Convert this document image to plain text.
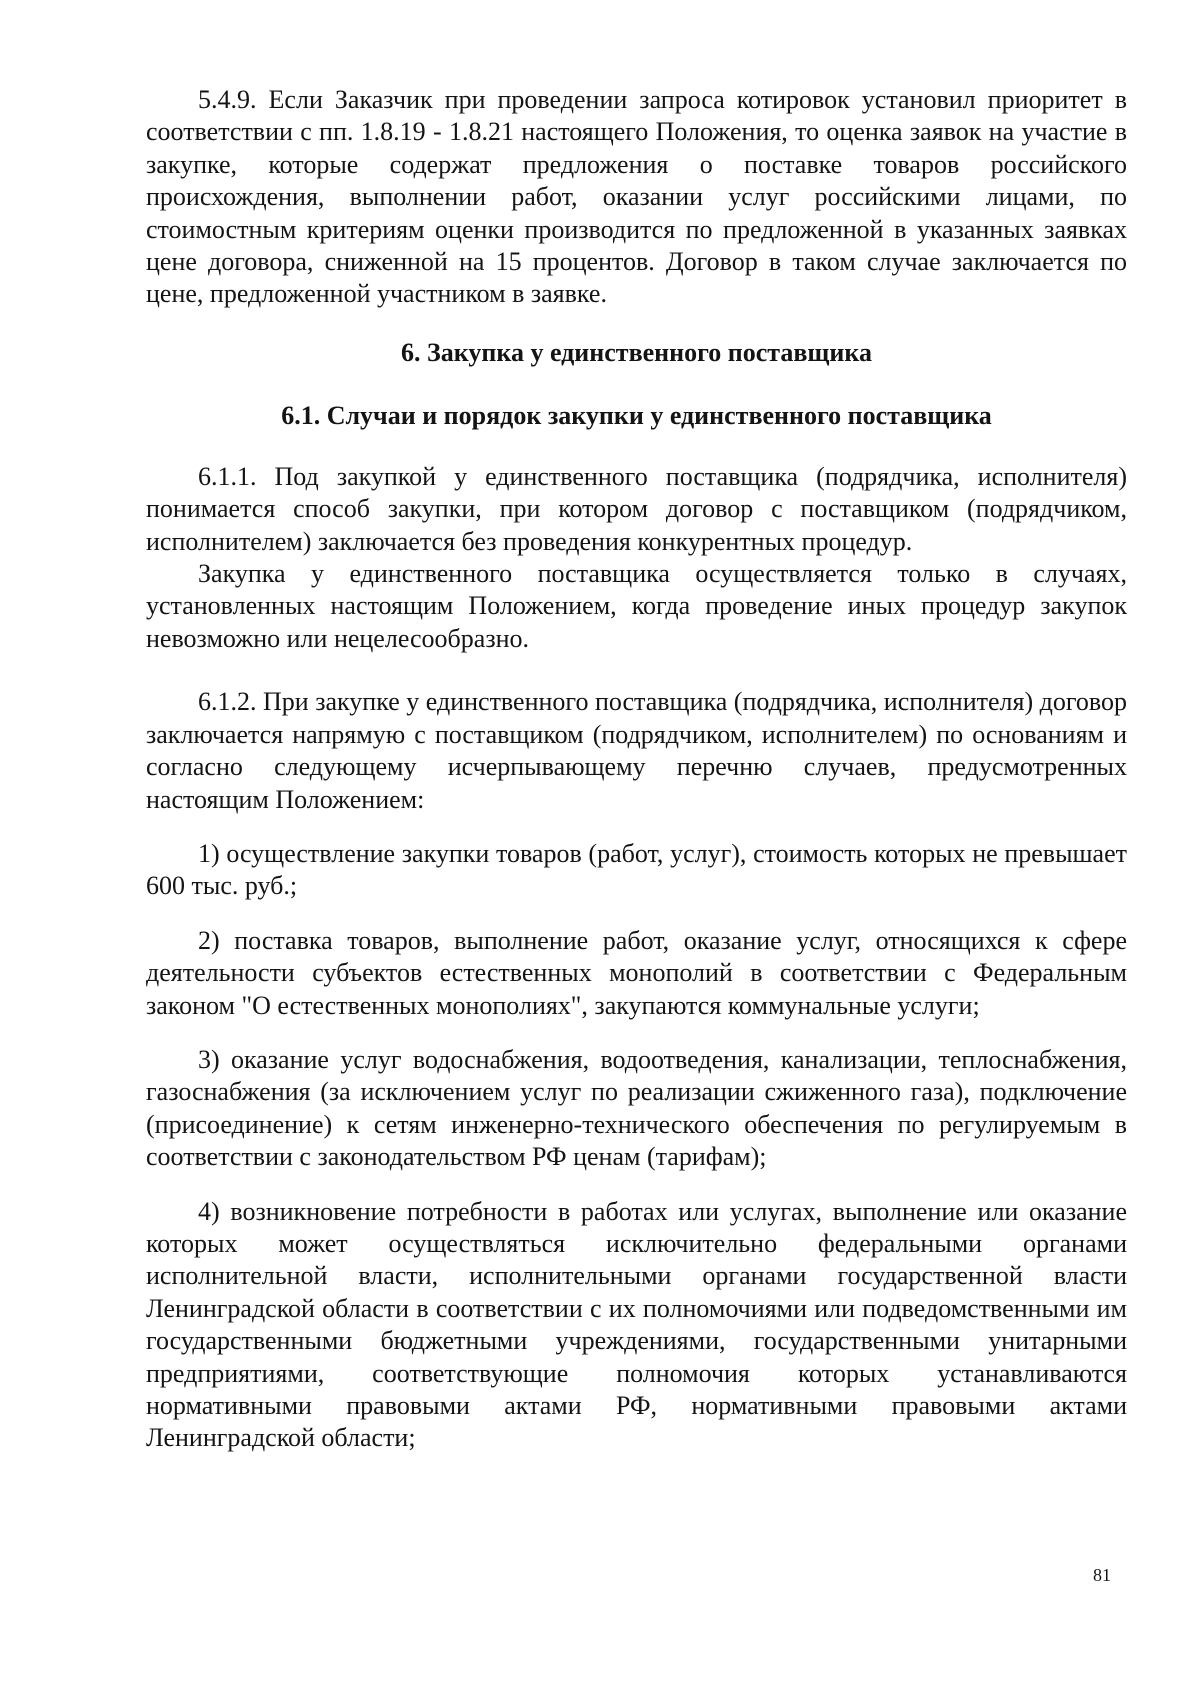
5.4.9. Если Заказчик при проведении запроса котировок установил приоритет в соответствии с пп. 1.8.19 - 1.8.21 настоящего Положения, то оценка заявок на участие в закупке, которые содержат предложения о поставке товаров российского происхождения, выполнении работ, оказании услуг российскими лицами, по стоимостным критериям оценки производится по предложенной в указанных заявках цене договора, сниженной на 15 процентов. Договор в таком случае заключается по цене, предложенной участником в заявке.

6. Закупка у единственного поставщика
6.1. Случаи и порядок закупки у единственного поставщика

6.1.1. Под закупкой у единственного поставщика (подрядчика, исполнителя) понимается способ закупки, при котором договор с поставщиком (подрядчиком, исполнителем) заключается без проведения конкурентных процедур.

Закупка у единственного поставщика осуществляется только в случаях, установленных настоящим Положением, когда проведение иных процедур закупок невозможно или нецелесообразно.

6.1.2. При закупке у единственного поставщика (подрядчика, исполнителя) договор заключается напрямую с поставщиком (подрядчиком, исполнителем) по основаниям и согласно следующему исчерпывающему перечню случаев, предусмотренных настоящим Положением:

1) осуществление закупки товаров (работ, услуг), стоимость которых не превышает 600 тыс. руб.;

2) поставка товаров, выполнение работ, оказание услуг, относящихся к сфере деятельности субъектов естественных монополий в соответствии с Федеральным законом "О естественных монополиях", закупаются коммунальные услуги;

3) оказание услуг водоснабжения, водоотведения, канализации, теплоснабжения, газоснабжения (за исключением услуг по реализации сжиженного газа), подключение (присоединение) к сетям инженерно-технического обеспечения по регулируемым в соответствии с законодательством РФ ценам (тарифам);

4) возникновение потребности в работах или услугах, выполнение или оказание которых может осуществляться исключительно федеральными органами исполнительной власти, исполнительными органами государственной власти Ленинградской области в соответствии с их полномочиями или подведомственными им государственными бюджетными учреждениями, государственными унитарными предприятиями, соответствующие полномочия которых устанавливаются нормативными правовыми актами РФ, нормативными правовыми актами Ленинградской области;

81
